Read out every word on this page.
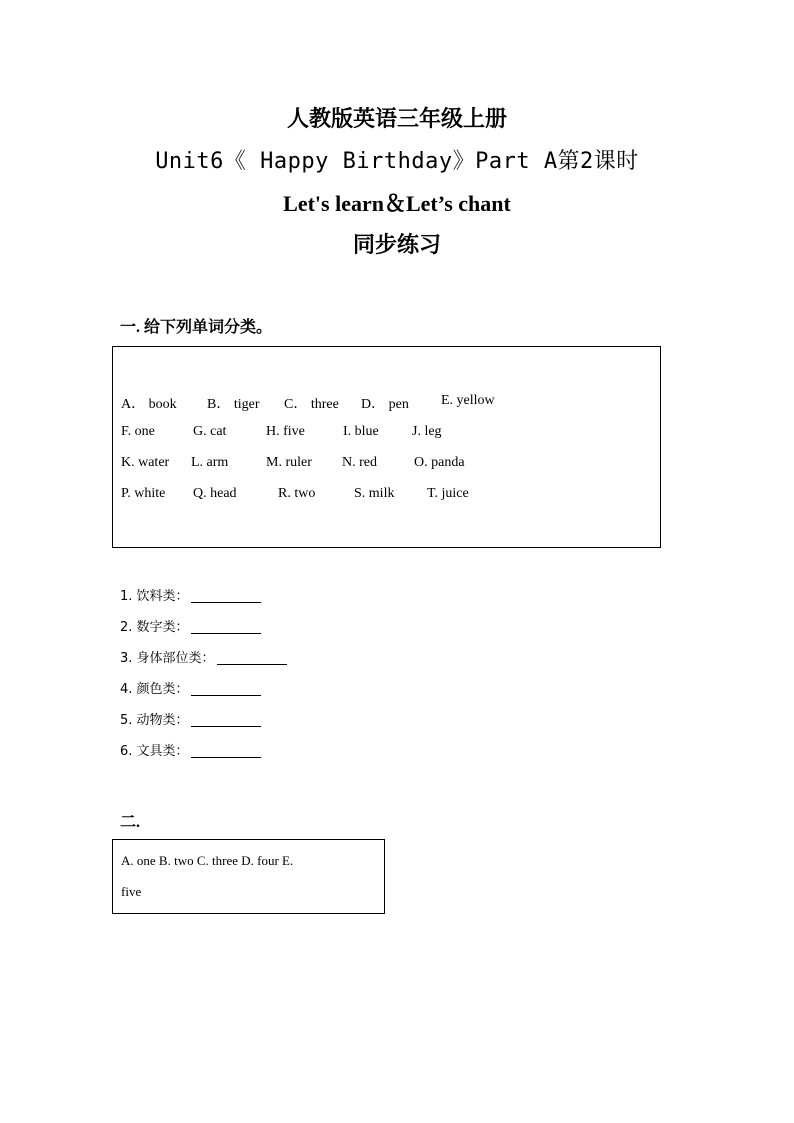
人教版英语三年级上册
Unit6《 Happy Birthday》Part A第2课时
Let's learn＆Let’s chant
同步练习
一. 给下列单词分类。
A． book B． tiger C． three D． pen E. yellow
F. one	G. cat	H. five	I. blue J. leg
K. water L. arm	M. ruler N. red	O. panda
P. white Q. head	R. two	S. milk T. juice
1. 饮料类：
2. 数字类：
3. 身体部位类：
4. 颜色类：
5. 动物类：
6. 文具类：
二.
A. one B. two C. three D. four E.
five
